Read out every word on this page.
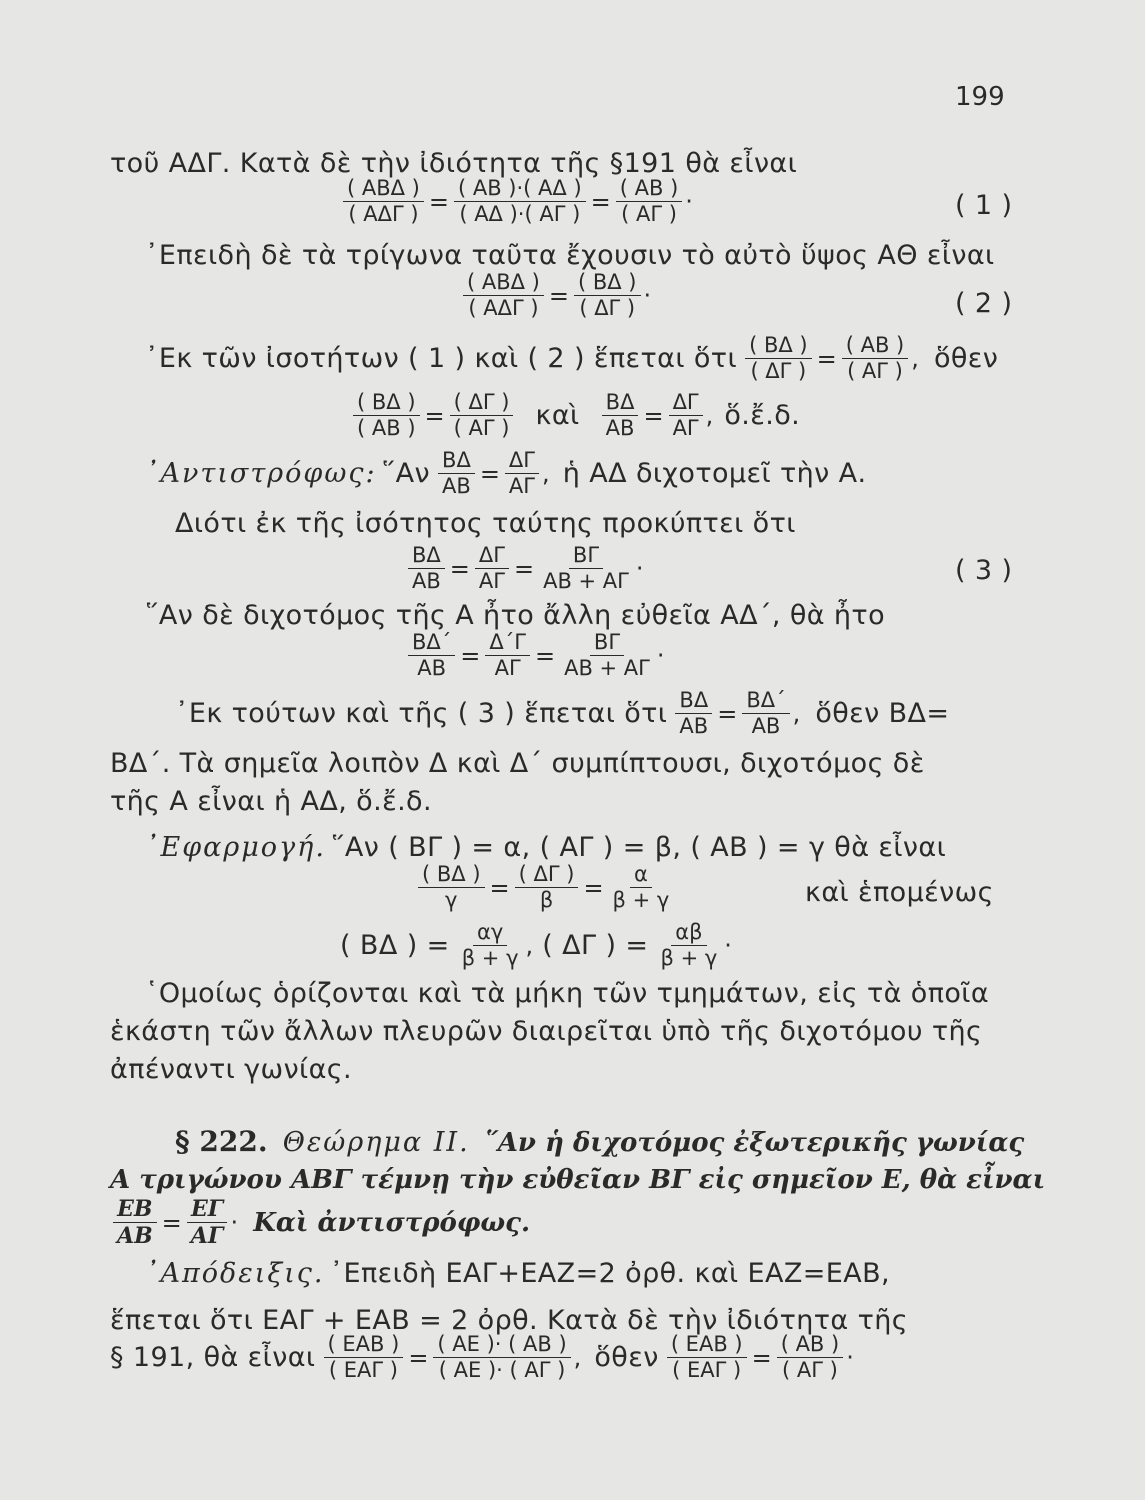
199
τοῦ ΑΔΓ. Κατὰ δὲ τὴν ἰδιότητα τῆς §191 θὰ εἶναι
( ΑΒΔ )
( ΑΔΓ ) = $\frac{( AB )\cdot( A\Delta )}{( A\Delta )\cdot( A\Gamma )} = \frac{( AB )}{( A\Gamma )}$ ·	( 1 )
᾿Επειδὴ δὲ τὰ τρίγωνα ταῦτα ἔχουσιν τὸ αὐτὸ ὕψος ΑΘ εἶναι
( ΑΒΔ )
( ΑΔΓ ) = $\frac{( B\Delta )}{( \Delta\Gamma )}$ ·	( 2 )
᾿Εκ τῶν ἰσοτήτων ( 1 ) καὶ ( 2 ) ἕπεται ὅτι $\frac{( B\Delta )}{( \Delta\Gamma )} = \frac{( AB )}{( A\Gamma )}$ , ὅθεν
$\frac{( B\Delta )}{( AB )} = \frac{( \Delta\Gamma )}{( A\Gamma )}$ καὶ $\frac{B\Delta}{AB} = \frac{\Delta\Gamma}{A\Gamma}$ , ὅ.ἔ.δ.
᾿Αντιστρόφως: ῞Αν $\frac{B\Delta}{AB} = \frac{\Delta\Gamma}{A\Gamma}$ , ἡ ΑΔ διχοτομεῖ τὴν Α.
Διότι ἐκ τῆς ἰσότητος ταύτης προκύπτει ὅτι
$\frac{B\Delta}{AB} = \frac{\Delta\Gamma}{A\Gamma} = \frac{B\Gamma}{AB + A\Gamma}$ ·	( 3 )
῞Αν δὲ διχοτόμος τῆς Α ἦτο ἄλλη εὐθεῖα ΑΔ΄, θὰ ἦτο
$\frac{B\Delta΄}{AB} = \frac{\Delta΄\Gamma}{A\Gamma} = \frac{B\Gamma}{AB + A\Gamma}$ ·
᾿Εκ τούτων καὶ τῆς ( 3 ) ἕπεται ὅτι $\frac{B\Delta}{AB} = \frac{B\Delta΄}{AB}$ , ὅθεν ΒΔ=
ΒΔ΄. Τὰ σημεῖα λοιπὸν Δ καὶ Δ΄ συμπίπτουσι, διχοτόμος δὲ
τῆς Α εἶναι ἡ ΑΔ, ὅ.ἔ.δ.
᾿Εφαρμογή. ῞Αν ( ΒΓ ) = α, ( ΑΓ ) = β, ( ΑΒ ) = γ θὰ εἶναι
$\frac{( B\Delta )}{\gamma} = \frac{( \Delta\Gamma )}{\beta} = \frac{\alpha}{\beta + \gamma}$	καὶ ἑπομένως
( ΒΔ ) = $\frac{\alpha\gamma}{\beta + \gamma}$ , ( ΔΓ ) = $\frac{\alpha\beta}{\beta + \gamma}$ ·
῾Ομοίως ὁρίζονται καὶ τὰ μήκη τῶν τμημάτων, εἰς τὰ ὁποῖα
ἑκάστη τῶν ἄλλων πλευρῶν διαιρεῖται ὑπὸ τῆς διχοτόμου τῆς
ἀπέναντι γωνίας.
§ 222. Θεώρημα II. ῞Αν ἡ διχοτόμος ἐξωτερικῆς γωνίας
Α τριγώνου ΑΒΓ τέμνῃ τὴν εὐθεῖαν ΒΓ εἰς σημεῖον Ε, θὰ εἶναι
$\frac{EB}{AB} = \frac{E\Gamma}{A\Gamma}$ · Καὶ ἀντιστρόφως.
᾿Απόδειξις. ᾿Επειδὴ ΕΑΓ+ΕΑΖ=2 ὀρθ. καὶ ΕΑΖ=ΕΑΒ,
ἕπεται ὅτι ΕΑΓ + ΕΑΒ = 2 ὀρθ. Κατὰ δὲ τὴν ἰδιότητα τῆς
§ 191, θὰ εἶναι ( ΕΑΒ )
( ΕΑΓ ) = $\frac{( AE )\cdot ( AB )}{( AE )\cdot ( A\Gamma )}$ , ὅθεν ( ΕΑΒ )
( ΕΑΓ ) = $\frac{( AB )}{( A\Gamma )}$ ·
